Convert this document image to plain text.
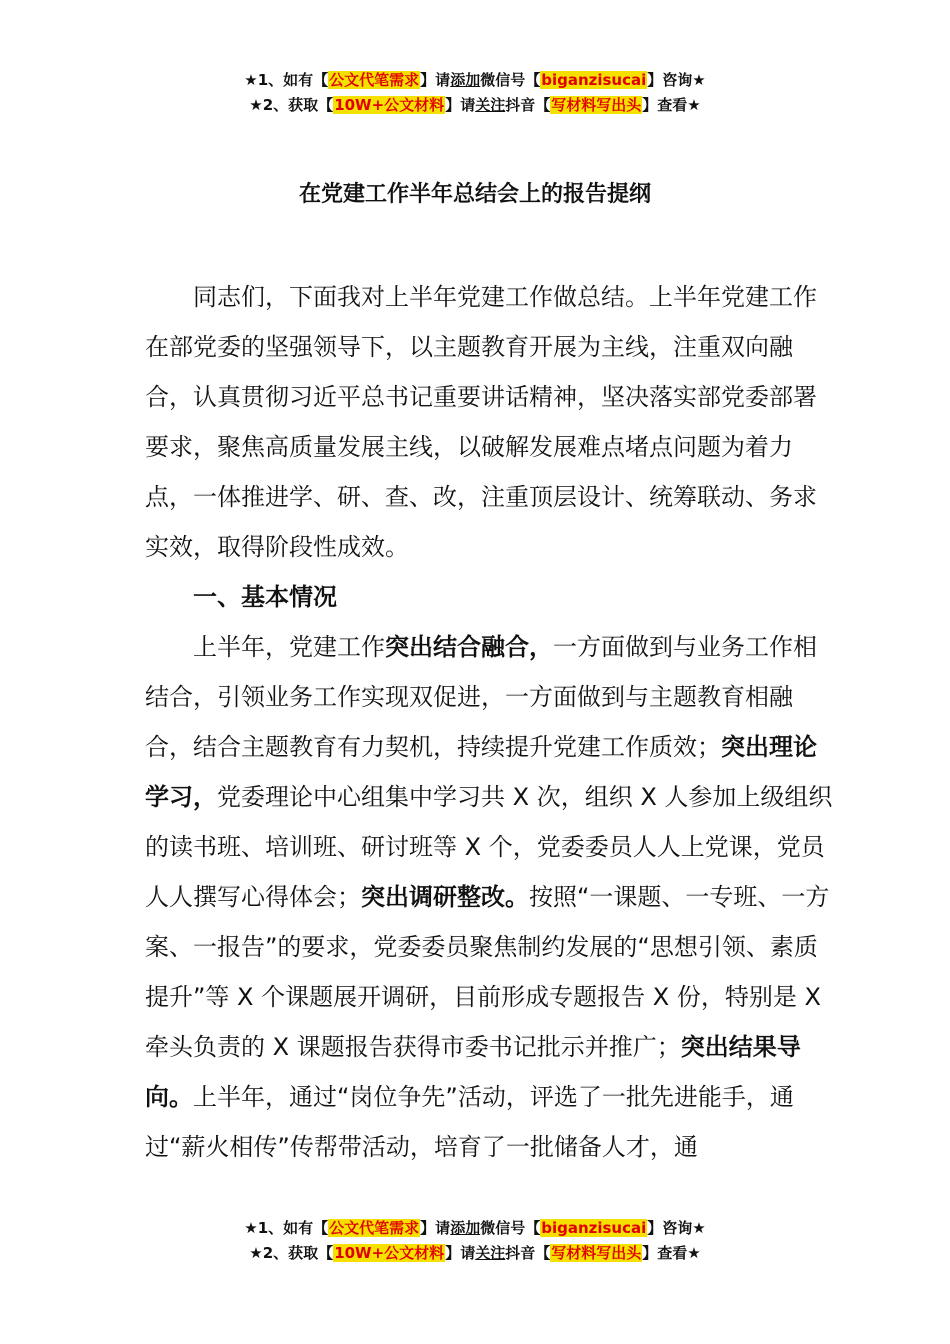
★1、如有【公文代笔需求】请添加微信号【biganzisucai】咨询★
★2、获取【10W+公文材料】请关注抖音【写材料写出头】查看★
在党建工作半年总结会上的报告提纲

同志们，下面我对上半年党建工作做总结。上半年党建工作在部党委的坚强领导下，以主题教育开展为主线，注重双向融合，认真贯彻习近平总书记重要讲话精神，坚决落实部党委部署要求，聚焦高质量发展主线，以破解发展难点堵点问题为着力点，一体推进学、研、查、改，注重顶层设计、统筹联动、务求实效，取得阶段性成效。

一、基本情况

上半年，党建工作突出结合融合，一方面做到与业务工作相结合，引领业务工作实现双促进，一方面做到与主题教育相融合，结合主题教育有力契机，持续提升党建工作质效；突出理论学习，党委理论中心组集中学习共 X 次，组织 X 人参加上级组织的读书班、培训班、研讨班等 X 个，党委委员人人上党课，党员人人撰写心得体会；突出调研整改。按照“一课题、一专班、一方案、一报告”的要求，党委委员聚焦制约发展的“思想引领、素质提升”等 X 个课题展开调研，目前形成专题报告 X 份，特别是 X 牵头负责的 X 课题报告获得市委书记批示并推广；突出结果导向。上半年，通过“岗位争先”活动，评选了一批先进能手，通过“薪火相传”传帮带活动，培育了一批储备人才，通

★1、如有【公文代笔需求】请添加微信号【biganzisucai】咨询★
★2、获取【10W+公文材料】请关注抖音【写材料写出头】查看★
